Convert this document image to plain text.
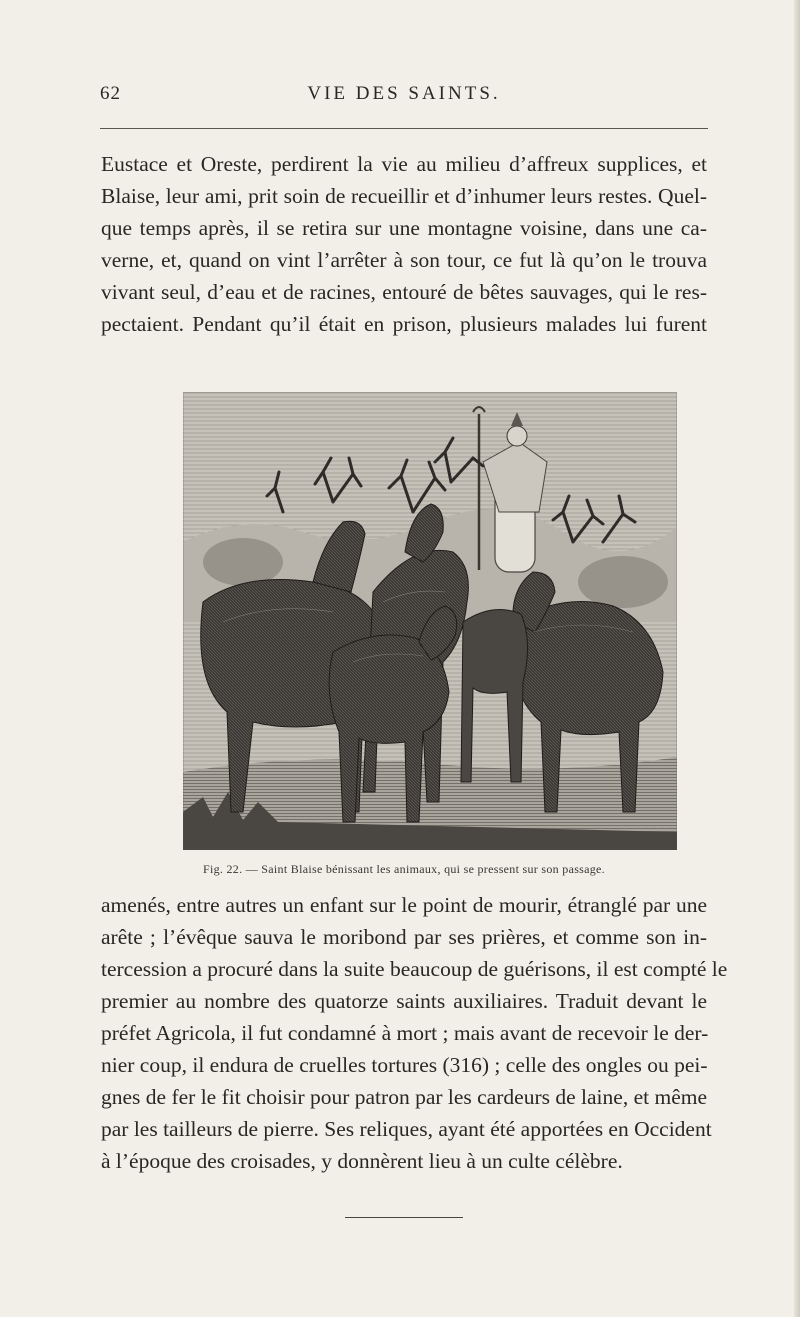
62	VIE DES SAINTS.

Eustace et Oreste, perdirent la vie au milieu d’affreux supplices, et
Blaise, leur ami, prit soin de recueillir et d’inhumer leurs restes. Quel-
que temps après, il se retira sur une montagne voisine, dans une ca-
verne, et, quand on vint l’arrêter à son tour, ce fut là qu’on le trouva
vivant seul, d’eau et de racines, entouré de bêtes sauvages, qui le res-
pectaient. Pendant qu’il était en prison, plusieurs malades lui furent

Fig. 22. — Saint Blaise bénissant les animaux, qui se pressent sur son passage.

amenés, entre autres un enfant sur le point de mourir, étranglé par une
arête ; l’évêque sauva le moribond par ses prières, et comme son in-
tercession a procuré dans la suite beaucoup de guérisons, il est compté le
premier au nombre des quatorze saints auxiliaires. Traduit devant le
préfet Agricola, il fut condamné à mort ; mais avant de recevoir le der-
nier coup, il endura de cruelles tortures (316) ; celle des ongles ou pei-
gnes de fer le fit choisir pour patron par les cardeurs de laine, et même
par les tailleurs de pierre. Ses reliques, ayant été apportées en Occident
à l’époque des croisades, y donnèrent lieu à un culte célèbre.
